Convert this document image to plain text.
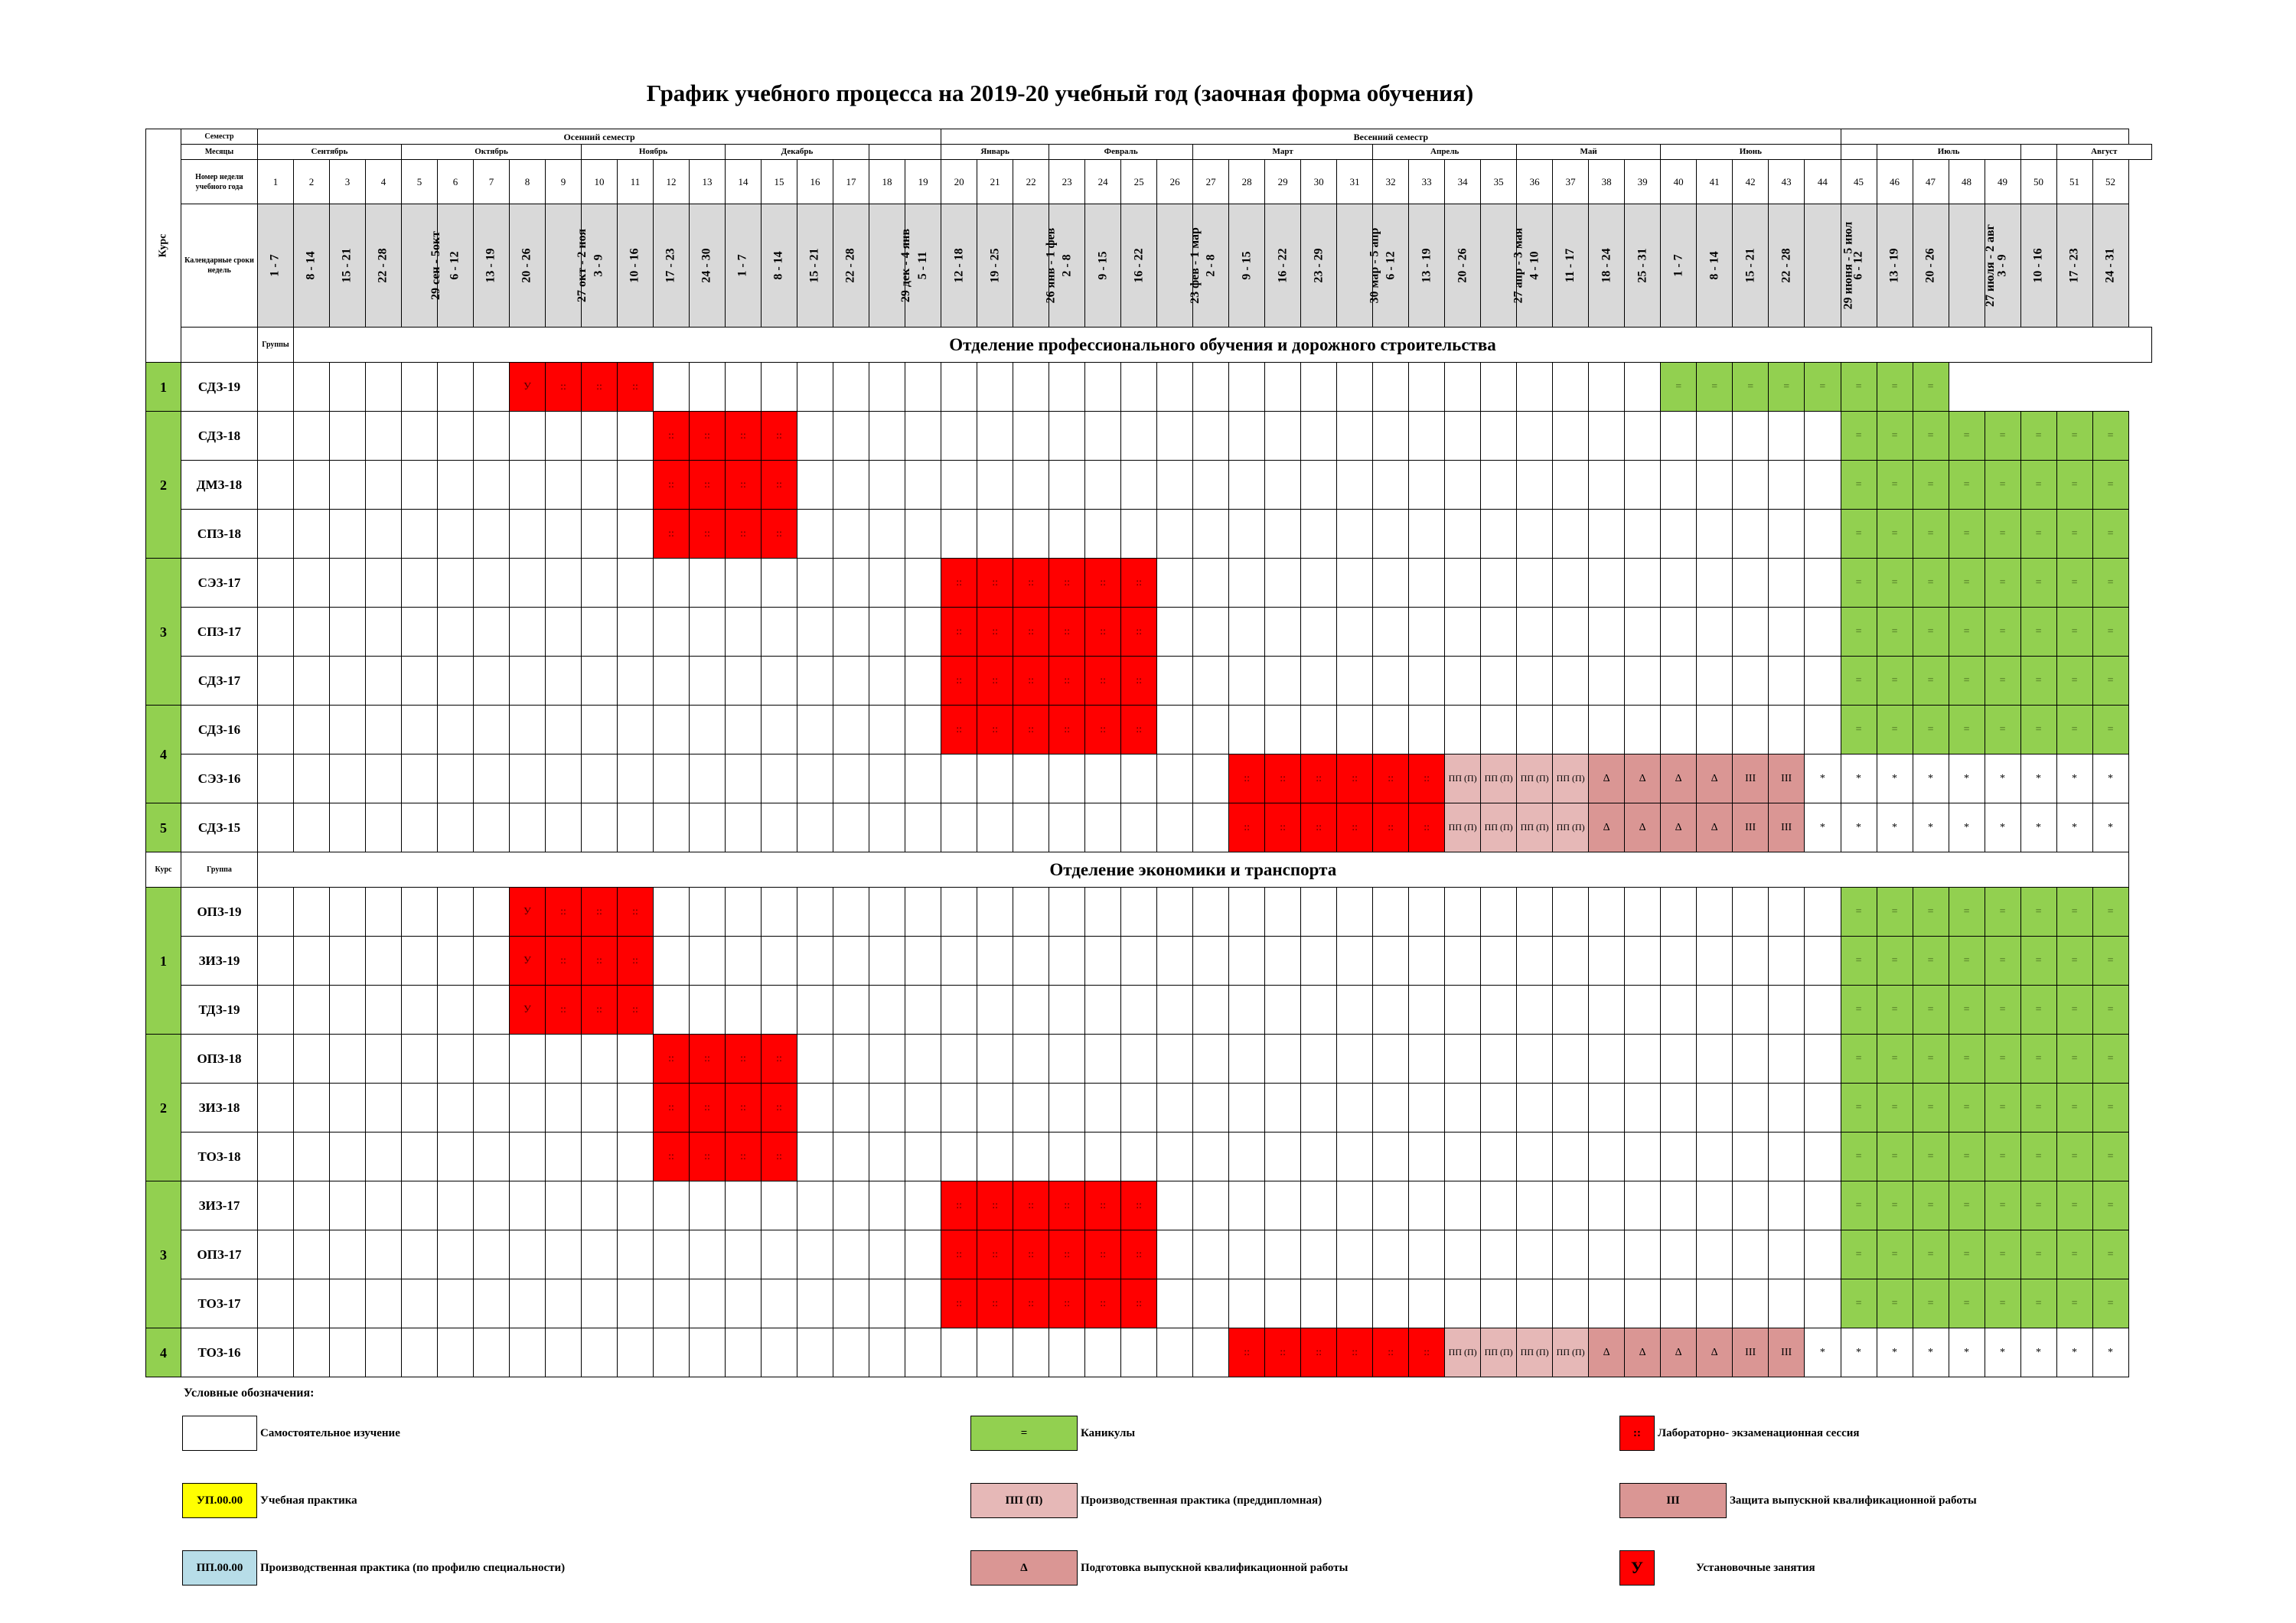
График учебного процесса на 2019-20 учебный год (заочная форма обучения)
Курс	Семестр	Осенний семестр																			Весенний семестр																																
	Месяцы	Сентябрь				Октябрь					Ноябрь				Декабрь						Январь			Февраль				Март					Апрель				Май				Июнь						Июль					Август	
	Номер недели учебного года	1	2	3	4	5	6	7	8	9	10	11	12	13	14	15	16	17	18	19	20	21	22	23	24	25	26	27	28	29	30	31	32	33	34	35	36	37	38	39	40	41	42	43	44	45	46	47	48	49	50	51	52
	Календарные сроки недель	1 - 7	8 - 14	15 - 21	22 - 28	29 сен - 5окт	6 - 12	13 - 19	20 - 26	27 окт - 2 ноя	3 - 9	10 - 16	17 - 23	24 - 30	1 - 7	8 - 14	15 - 21	22 - 28	29 дек - 4 янв	5 - 11	12 - 18	19 - 25	26 янв - 1 фев	2 - 8	9 - 15	16 - 22	23 фев - 1 мар	2 - 8	9 - 15	16 - 22	23 - 29	30 мар - 5 апр	6 - 12	13 - 19	20 - 26	27 апр - 3 мая	4 - 10	11 - 17	18 - 24	25 - 31	1 - 7	8 - 14	15 - 21	22 - 28	29 июня - 5 июл	6 - 12	13 - 19	20 - 26	27 июля - 2 авг	3 - 9	10 - 16	17 - 23	24 - 31
		Группы	Отделение профессионального обучения и дорожного строительства																																																		
1	СДЗ-19								У	::	::	::																													=	=	=	=	=	=	=	=					
2	СДЗ-18												::	::	::	::																														=	=	=	=	=	=	=	=
	ДМЗ-18												::	::	::	::																														=	=	=	=	=	=	=	=
	СПЗ-18												::	::	::	::																														=	=	=	=	=	=	=	=
3	СЭЗ-17																				::	::	::	::	::	::																				=	=	=	=	=	=	=	=
	СПЗ-17																				::	::	::	::	::	::																				=	=	=	=	=	=	=	=
	СДЗ-17																				::	::	::	::	::	::																				=	=	=	=	=	=	=	=
4	СДЗ-16																				::	::	::	::	::	::																				=	=	=	=	=	=	=	=
	СЭЗ-16																												::	::	::	::	::	::	ПП (П)	ПП (П)	ПП (П)	ПП (П)	Δ	Δ	Δ	Δ	III	III	*	*	*	*	*	*	*	*	*
5	СДЗ-15																												::	::	::	::	::	::	ПП (П)	ПП (П)	ПП (П)	ПП (П)	Δ	Δ	Δ	Δ	III	III	*	*	*	*	*	*	*	*	*
Курс	Группа	Отделение экономики и транспорта																																																			
1	ОПЗ-19								У	::	::	::																																		=	=	=	=	=	=	=	=
	ЗИЗ-19								У	::	::	::																																		=	=	=	=	=	=	=	=
	ТДЗ-19								У	::	::	::																																		=	=	=	=	=	=	=	=
2	ОПЗ-18												::	::	::	::																														=	=	=	=	=	=	=	=
	ЗИЗ-18												::	::	::	::																														=	=	=	=	=	=	=	=
	ТОЗ-18												::	::	::	::																														=	=	=	=	=	=	=	=
3	ЗИЗ-17																				::	::	::	::	::	::																				=	=	=	=	=	=	=	=
	ОПЗ-17																				::	::	::	::	::	::																				=	=	=	=	=	=	=	=
	ТОЗ-17																				::	::	::	::	::	::																				=	=	=	=	=	=	=	=
4	ТОЗ-16																												::	::	::	::	::	::	ПП (П)	ПП (П)	ПП (П)	ПП (П)	Δ	Δ	Δ	Δ	III	III	*	*	*	*	*	*	*	*	*
Условные обозначения:
Самостоятельное изучение	=	Каникулы	::	Лабораторно- экзаменационная сессия
УП.00.00	Учебная практика	ПП (П)	Производственная практика (преддипломная)	III	Защита выпускной квалификационной работы
ПП.00.00	Производственная практика (по профилю специальности)	Δ	Подготовка выпускной квалификационной работы	У	Установочные занятия
